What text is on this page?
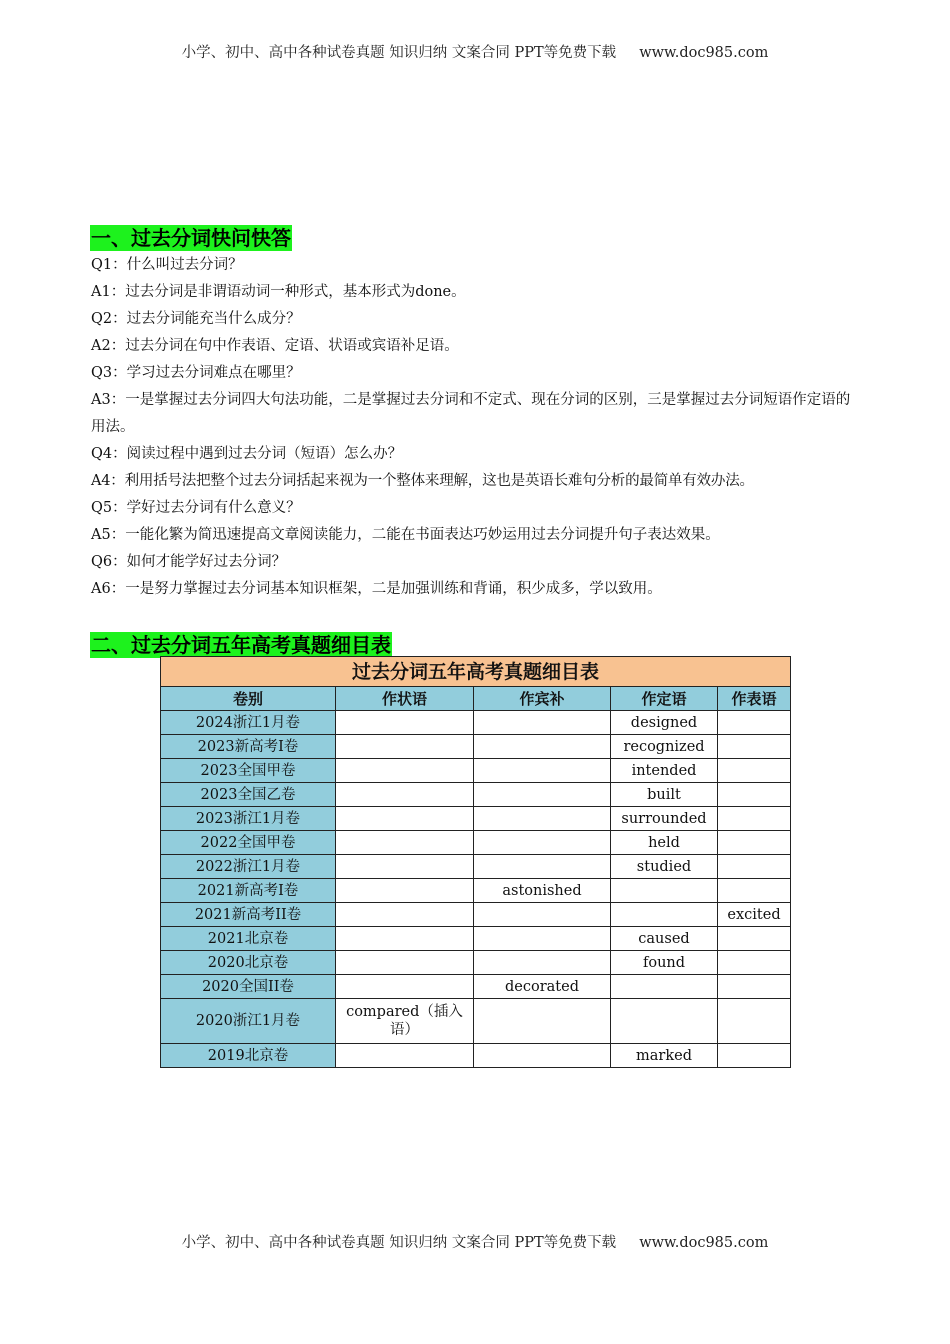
小学、初中、高中各种试卷真题 知识归纳 文案合同 PPT等免费下载     www.doc985.com
一、过去分词快问快答
Q1：什么叫过去分词？
A1：过去分词是非谓语动词一种形式，基本形式为done。
Q2：过去分词能充当什么成分？
A2：过去分词在句中作表语、定语、状语或宾语补足语。
Q3：学习过去分词难点在哪里？
A3：一是掌握过去分词四大句法功能，二是掌握过去分词和不定式、现在分词的区别，三是掌握过去分词短语作定语的用法。
Q4：阅读过程中遇到过去分词（短语）怎么办？
A4：利用括号法把整个过去分词括起来视为一个整体来理解，这也是英语长难句分析的最简单有效办法。
Q5：学好过去分词有什么意义？
A5：一能化繁为简迅速提高文章阅读能力，二能在书面表达巧妙运用过去分词提升句子表达效果。
Q6：如何才能学好过去分词？
A6：一是努力掌握过去分词基本知识框架，二是加强训练和背诵，积少成多，学以致用。
二、过去分词五年高考真题细目表
过去分词五年高考真题细目表				
卷别	作状语	作宾补	作定语	作表语
2024浙江1月卷			designed	
2023新高考I卷			recognized	
2023全国甲卷			intended	
2023全国乙卷			built	
2023浙江1月卷			surrounded	
2022全国甲卷			held	
2022浙江1月卷			studied	
2021新高考I卷		astonished		
2021新高考II卷				excited
2021北京卷			caused	
2020北京卷			found	
2020全国II卷		decorated		
2020浙江1月卷	compared（插入语）			
2019北京卷			marked	
小学、初中、高中各种试卷真题 知识归纳 文案合同 PPT等免费下载     www.doc985.com
